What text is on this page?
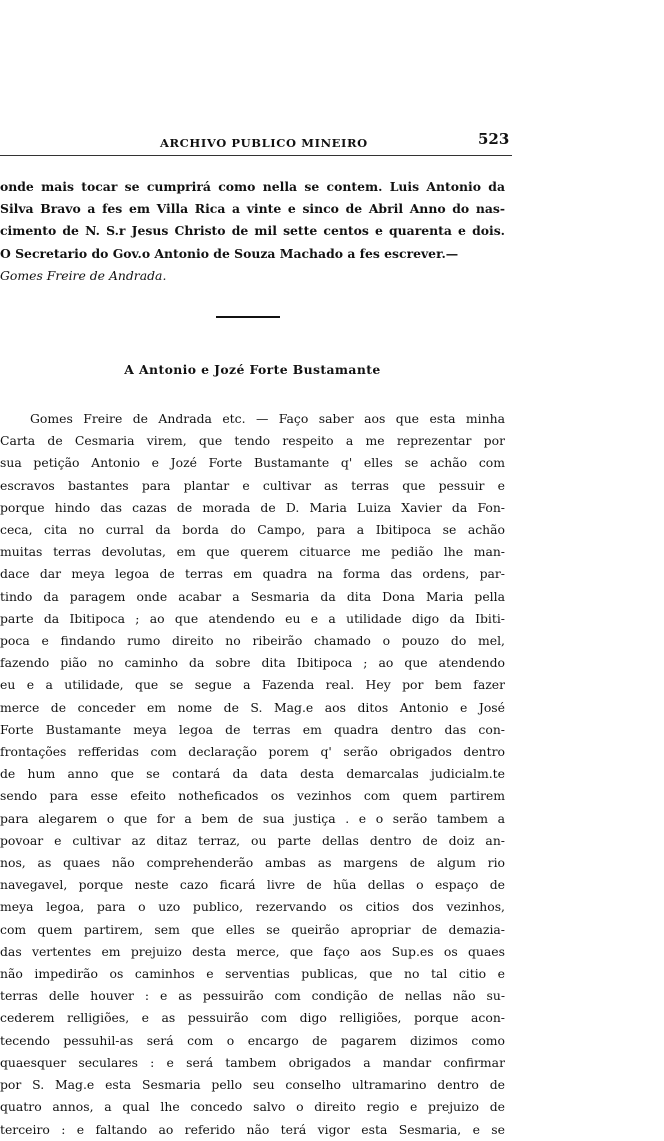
ARCHIVO PUBLICO MINEIRO	523
onde mais tocar se cumprirá como nella se contem. Luis Antonio da
Silva Bravo a fes em Villa Rica a vinte e sinco de Abril Anno do nas-
cimento de N. S.r Jesus Christo de mil sette centos e quarenta e dois.
O Secretario do Gov.o Antonio de Souza Machado a fes escrever.—
Gomes Freire de Andrada.
A Antonio e Jozé Forte Bustamante
Gomes Freire de Andrada etc. — Faço saber aos que esta minha
Carta de Cesmaria virem, que tendo respeito a me reprezentar por
sua petição Antonio e Jozé Forte Bustamante q' elles se achão com
escravos bastantes para plantar e cultivar as terras que pessuir e
porque hindo das cazas de morada de D. Maria Luiza Xavier da Fon-
ceca, cita no curral da borda do Campo, para a Ibitipoca se achão
muitas terras devolutas, em que querem cituarce me pedião lhe man-
dace dar meya legoa de terras em quadra na forma das ordens, par-
tindo da paragem onde acabar a Sesmaria da dita Dona Maria pella
parte da Ibitipoca ; ao que atendendo eu e a utilidade digo da Ibiti-
poca e findando rumo direito no ribeirão chamado o pouzo do mel,
fazendo pião no caminho da sobre dita Ibitipoca ; ao que atendendo
eu e a utilidade, que se segue a Fazenda real. Hey por bem fazer
merce de conceder em nome de S. Mag.e aos ditos Antonio e José
Forte Bustamante meya legoa de terras em quadra dentro das con-
frontações refferidas com declaração porem q' serão obrigados dentro
de hum anno que se contará da data desta demarcalas judicialm.te
sendo para esse efeito notheficados os vezinhos com quem partirem
para alegarem o que for a bem de sua justiça . e o serão tambem a
povoar e cultivar az ditaz terraz, ou parte dellas dentro de doiz an-
nos, as quaes não comprehenderão ambas as margens de algum rio
navegavel, porque neste cazo ficará livre de hũa dellas o espaço de
meya legoa, para o uzo publico, rezervando os citios dos vezinhos,
com quem partirem, sem que elles se queirão apropriar de demazia-
das vertentes em prejuizo desta merce, que faço aos Sup.es os quaes
não impedirão os caminhos e serventias publicas, que no tal citio e
terras delle houver : e as pessuirão com condição de nellas não su-
cederem relligiões, e as pessuirão com digo relligiões, porque acon-
tecendo pessuhil-as será com o encargo de pagarem dizimos como
quaesquer seculares : e será tambem obrigados a mandar confirmar
por S. Mag.e esta Sesmaria pello seu conselho ultramarino dentro de
quatro annos, a qual lhe concedo salvo o direito regio e prejuizo de
terceiro : e faltando ao referido não terá vigor esta Sesmaria, e se
